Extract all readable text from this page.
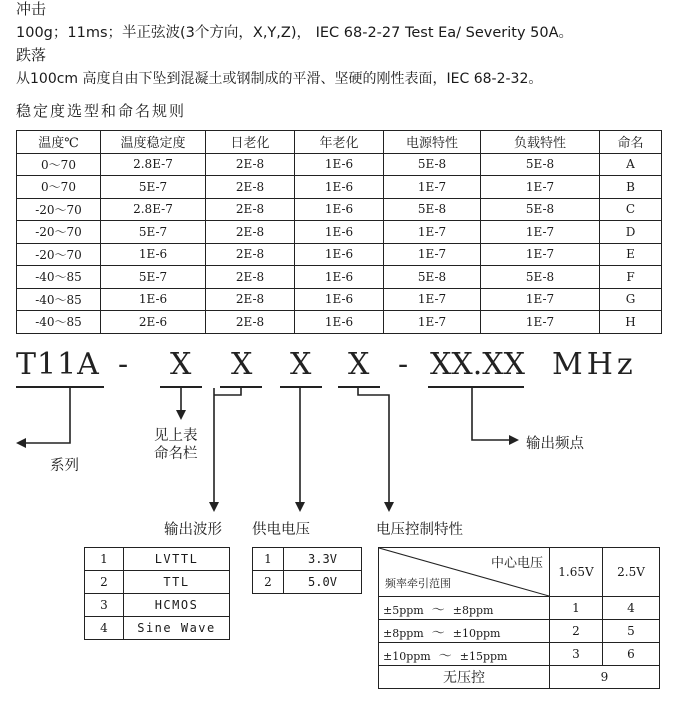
冲击
100g；11ms；半正弦波(3个方向，X,Y,Z)， IEC 68-2-27 Test Ea/ Severity 50A。
跌落
从100cm 高度自由下坠到混凝土或钢制成的平滑、坚硬的刚性表面，IEC 68-2-32。
稳定度选型和命名规则
温度℃	温度稳定度	日老化	年老化	电源特性	负载特性	命名
0～70	2.8E-7	2E-8	1E-6	5E-8	5E-8	A
0～70	5E-7	2E-8	1E-6	1E-7	1E-7	B
-20～70	2.8E-7	2E-8	1E-6	5E-8	5E-8	C
-20～70	5E-7	2E-8	1E-6	1E-7	1E-7	D
-20～70	1E-6	2E-8	1E-6	1E-7	1E-7	E
-40～85	5E-7	2E-8	1E-6	5E-8	5E-8	F
-40～85	1E-6	2E-8	1E-6	1E-7	1E-7	G
-40～85	2E-6	2E-8	1E-6	1E-7	1E-7	H
T11A - X X X X - XX.XX MHz
系列
见上表
命名栏
输出频点
输出波形 供电电压	电压控制特性
1	LVTTL
2	TTL
3	HCMOS
4	Sine Wave
1	3.3V
2	5.0V
中心电压
频率牵引范围	1.65V	2.5V
±5ppm ～ ±8ppm	1	4
±8ppm ～ ±10ppm	2	5
±10ppm ～ ±15ppm	3	6
无压控	9	
